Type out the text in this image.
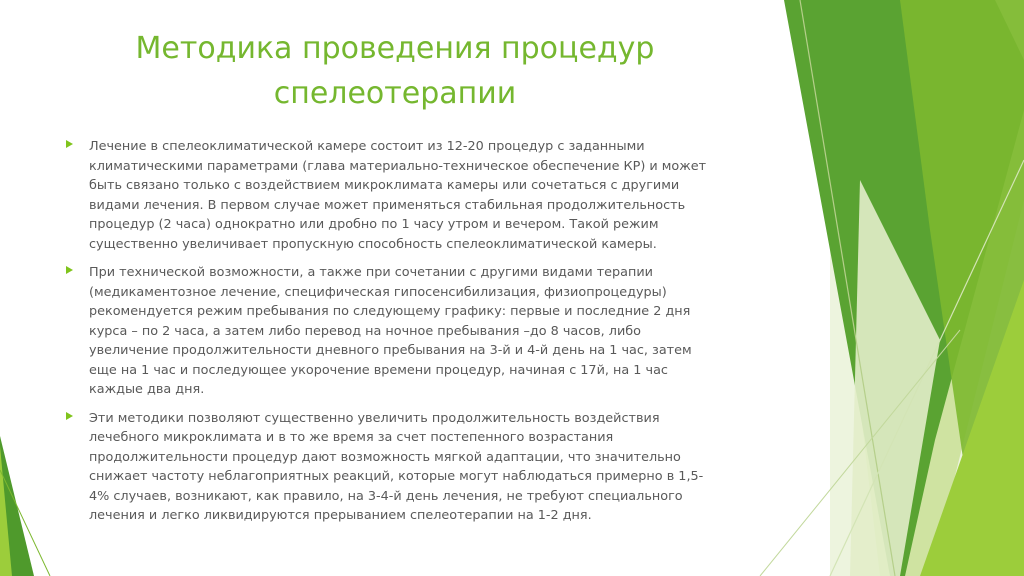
Методика проведения процедур
спелеотерапии
Лечение в спелеоклиматической камере состоит из 12-20 процедур с заданными
климатическими параметрами (глава материально-техническое обеспечение КР) и может
быть связано только с воздействием микроклимата камеры или сочетаться с другими
видами лечения. В первом случае может применяться стабильная продолжительность
процедур (2 часа) однократно или дробно по 1 часу утром и вечером. Такой режим
существенно увеличивает пропускную способность спелеоклиматической камеры.
При технической возможности, а также при сочетании с другими видами терапии
(медикаментозное лечение, специфическая гипосенсибилизация, физиопроцедуры)
рекомендуется режим пребывания по следующему графику: первые и последние 2 дня
курса – по 2 часа, а затем либо перевод на ночное пребывания –до 8 часов, либо
увеличение продолжительности дневного пребывания на 3-й и 4-й день на 1 час, затем
еще на 1 час и последующее укорочение времени процедур, начиная с 17й, на 1 час
каждые два дня.
Эти методики позволяют существенно увеличить продолжительность воздействия
лечебного микроклимата и в то же время за счет постепенного возрастания
продолжительности процедур дают возможность мягкой адаптации, что значительно
снижает частоту неблагоприятных реакций, которые могут наблюдаться примерно в 1,5-
4% случаев, возникают, как правило, на 3-4-й день лечения, не требуют специального
лечения и легко ликвидируются прерыванием спелеотерапии на 1-2 дня.
